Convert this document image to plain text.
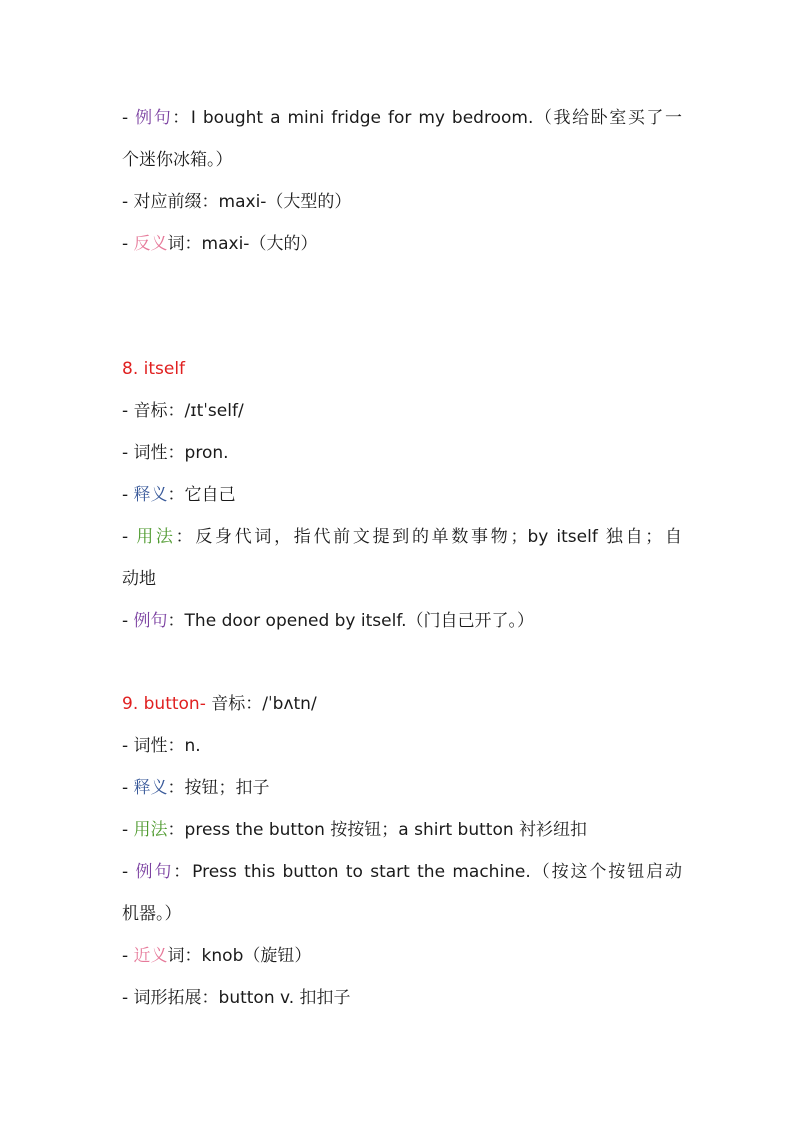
- 例句：I bought a mini fridge for my bedroom.（我给卧室买了一
个迷你冰箱。）
- 对应前缀：maxi-（大型的）
- 反义词：maxi-（大的）
8. itself
- 音标：/ɪtˈself/
- 词性：pron.
- 释义：它自己
- 用法：反身代词，指代前文提到的单数事物；by itself 独自；自
动地
- 例句：The door opened by itself.（门自己开了。）
9. button- 音标：/ˈbʌtn/
- 词性：n.
- 释义：按钮；扣子
- 用法：press the button 按按钮；a shirt button 衬衫纽扣
- 例句：Press this button to start the machine.（按这个按钮启动
机器。）
- 近义词：knob（旋钮）
- 词形拓展：button v. 扣扣子
